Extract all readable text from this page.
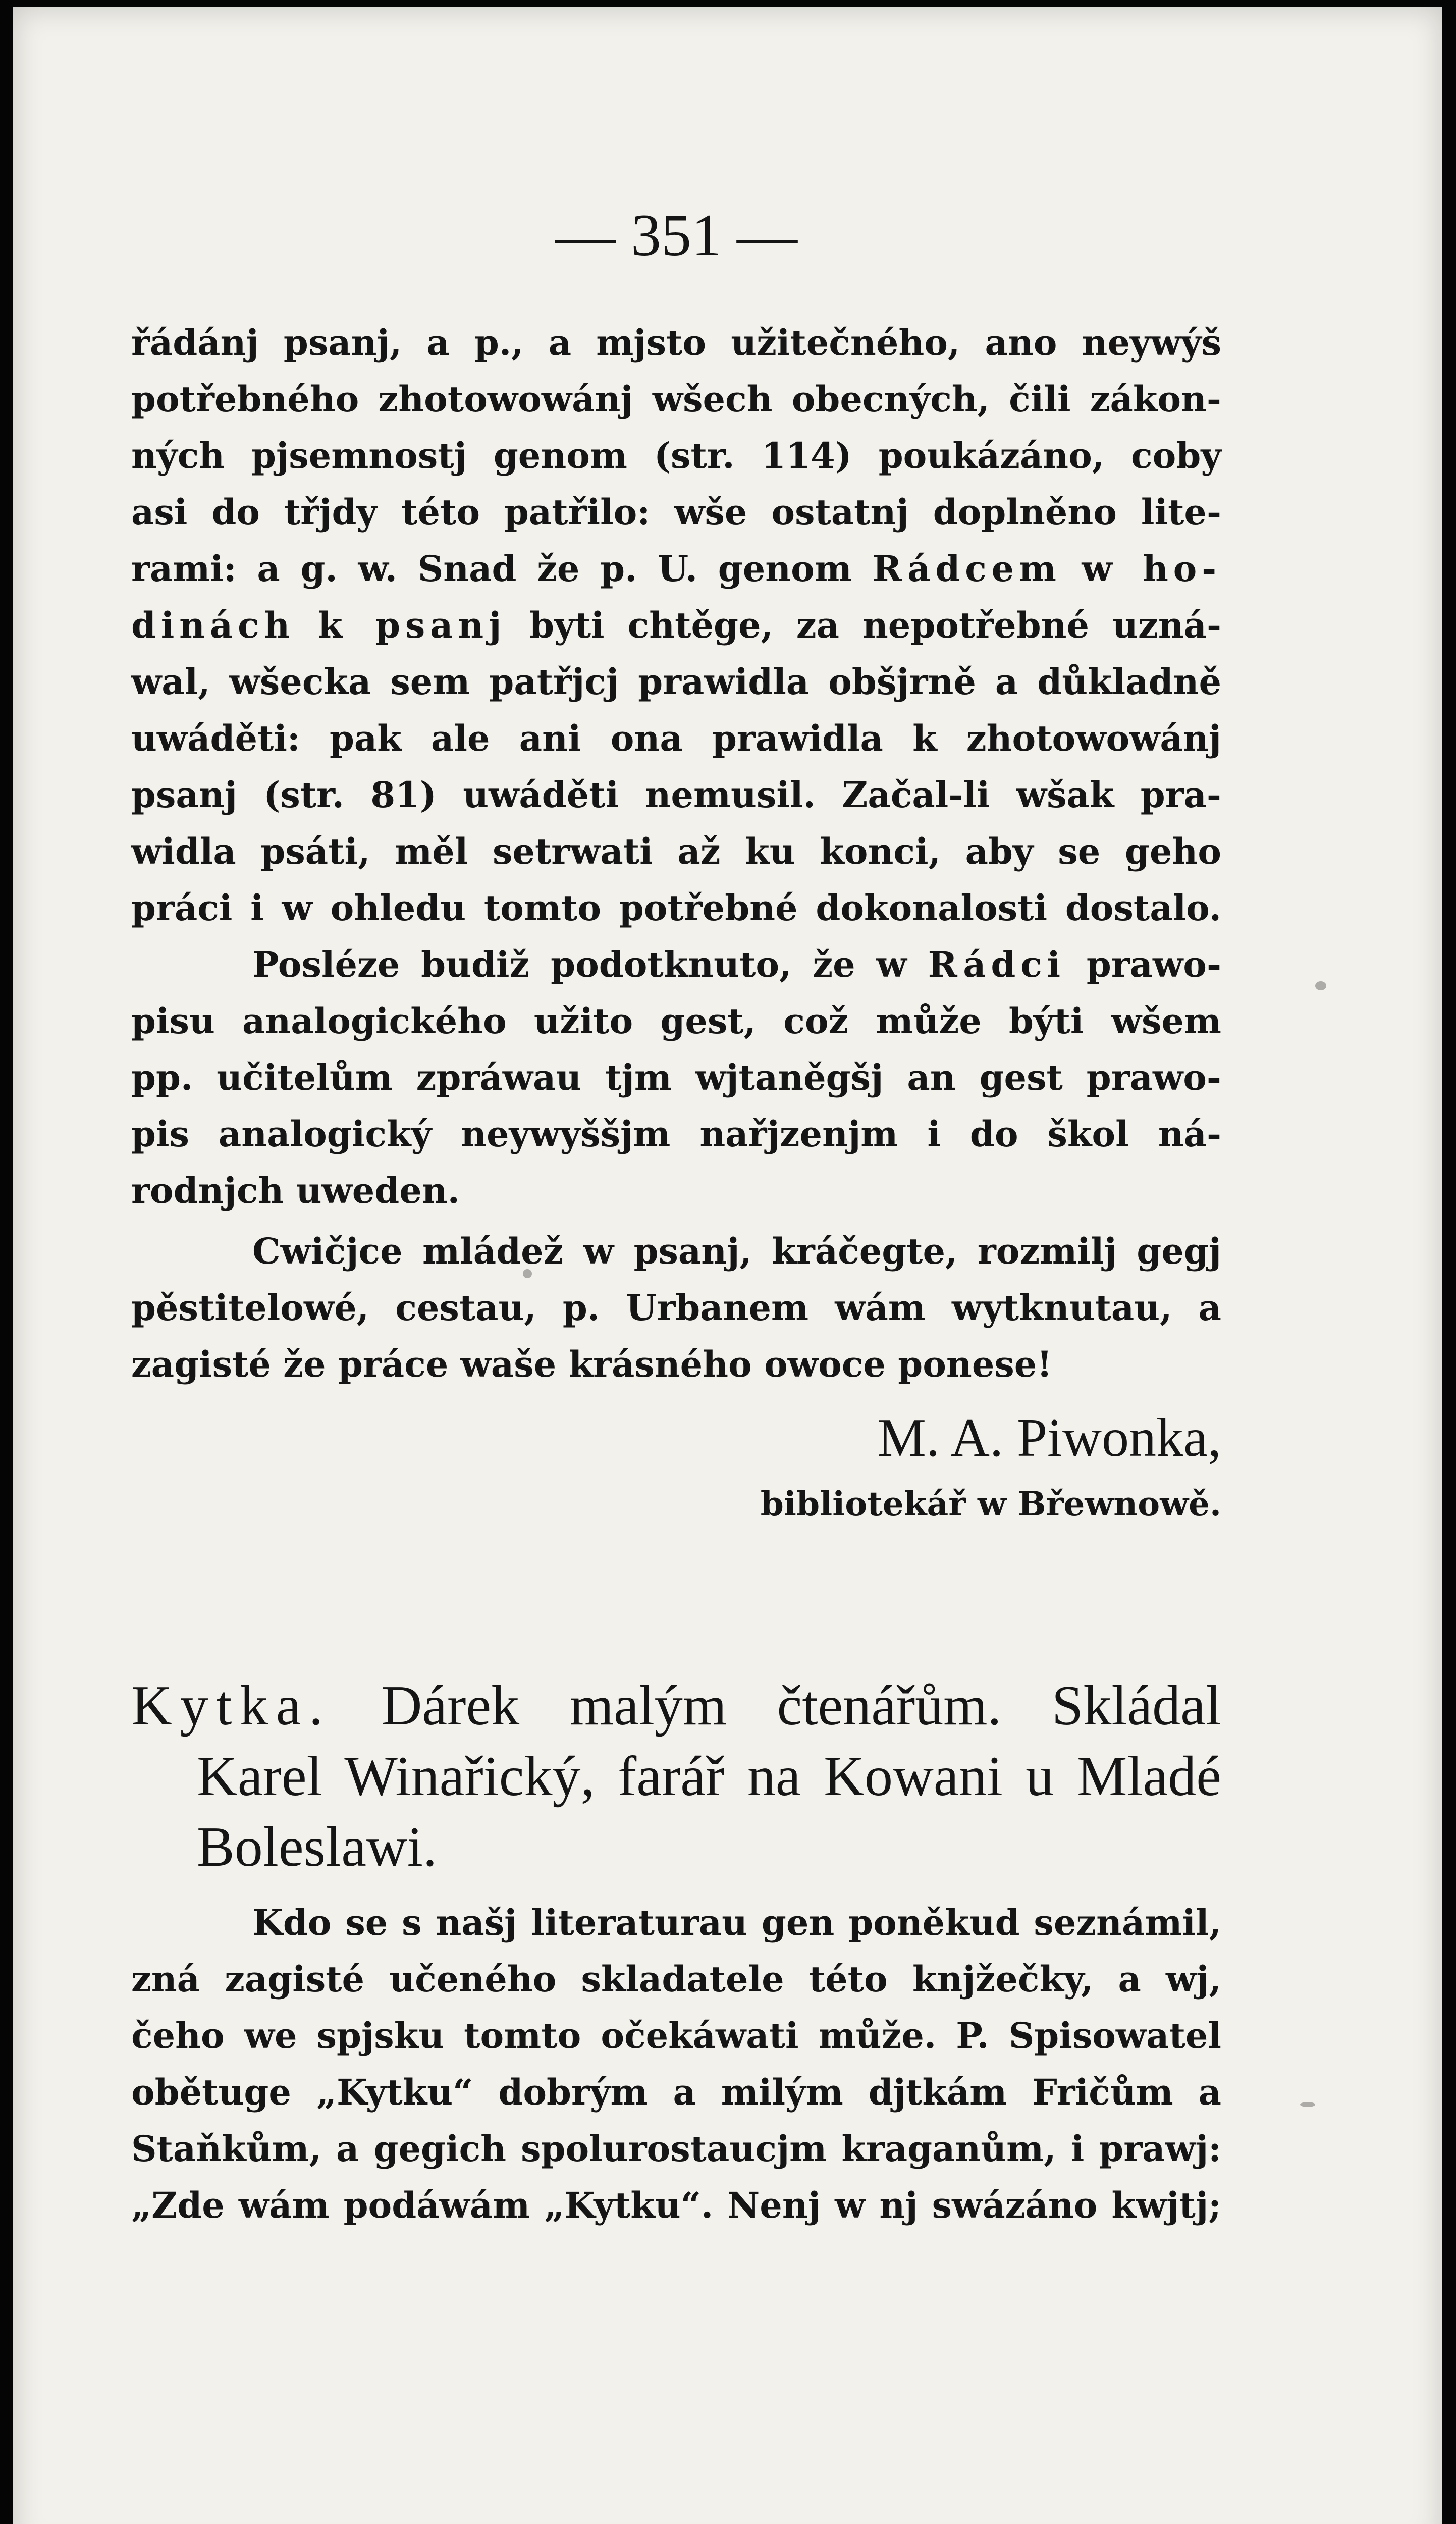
— 351 —
řádánj psanj, a p., a mjsto užitečného, ano neywýš
potřebného zhotowowánj wšech obecných, čili zákon-
ných pjsemnostj genom (str. 114) poukázáno, coby
asi do třjdy této patřilo: wše ostatnj doplněno lite-
rami: a g. w. Snad že p. U. genom Rádcem w ho-
dinách k psanj byti chtěge, za nepotřebné uzná-
wal, wšecka sem patřjcj prawidla obšjrně a důkladně
uwáděti: pak ale ani ona prawidla k zhotowowánj
psanj (str. 81) uwáděti nemusil. Začal-li wšak pra-
widla psáti, měl setrwati až ku konci, aby se geho
práci i w ohledu tomto potřebné dokonalosti dostalo.
Posléze budiž podotknuto, že w Rádci prawo-
pisu analogického užito gest, což může býti wšem
pp. učitelům zpráwau tjm wjtaněgšj an gest prawo-
pis analogický neywyššjm nařjzenjm i do škol ná-
rodnjch uweden.
Cwičjce mládež w psanj, kráčegte, rozmilj gegj
pěstitelowé, cestau, p. Urbanem wám wytknutau, a
zagisté že práce waše krásného owoce ponese!
M. A. Piwonka,
bibliotekář w Břewnowě.
Kytka. Dárek malým čtenářům. Skládal
Karel Winařický, farář na Kowani u Mladé
Boleslawi.
Kdo se s našj literaturau gen poněkud seznámil,
zná zagisté učeného skladatele této knjžečky, a wj,
čeho we spjsku tomto očekáwati může. P. Spisowatel
obětuge „Kytku“ dobrým a milým djtkám Fričům a
Staňkům, a gegich spolurostaucjm kraganům, i prawj:
„Zde wám podáwám „Kytku“. Nenj w nj swázáno kwjtj;
